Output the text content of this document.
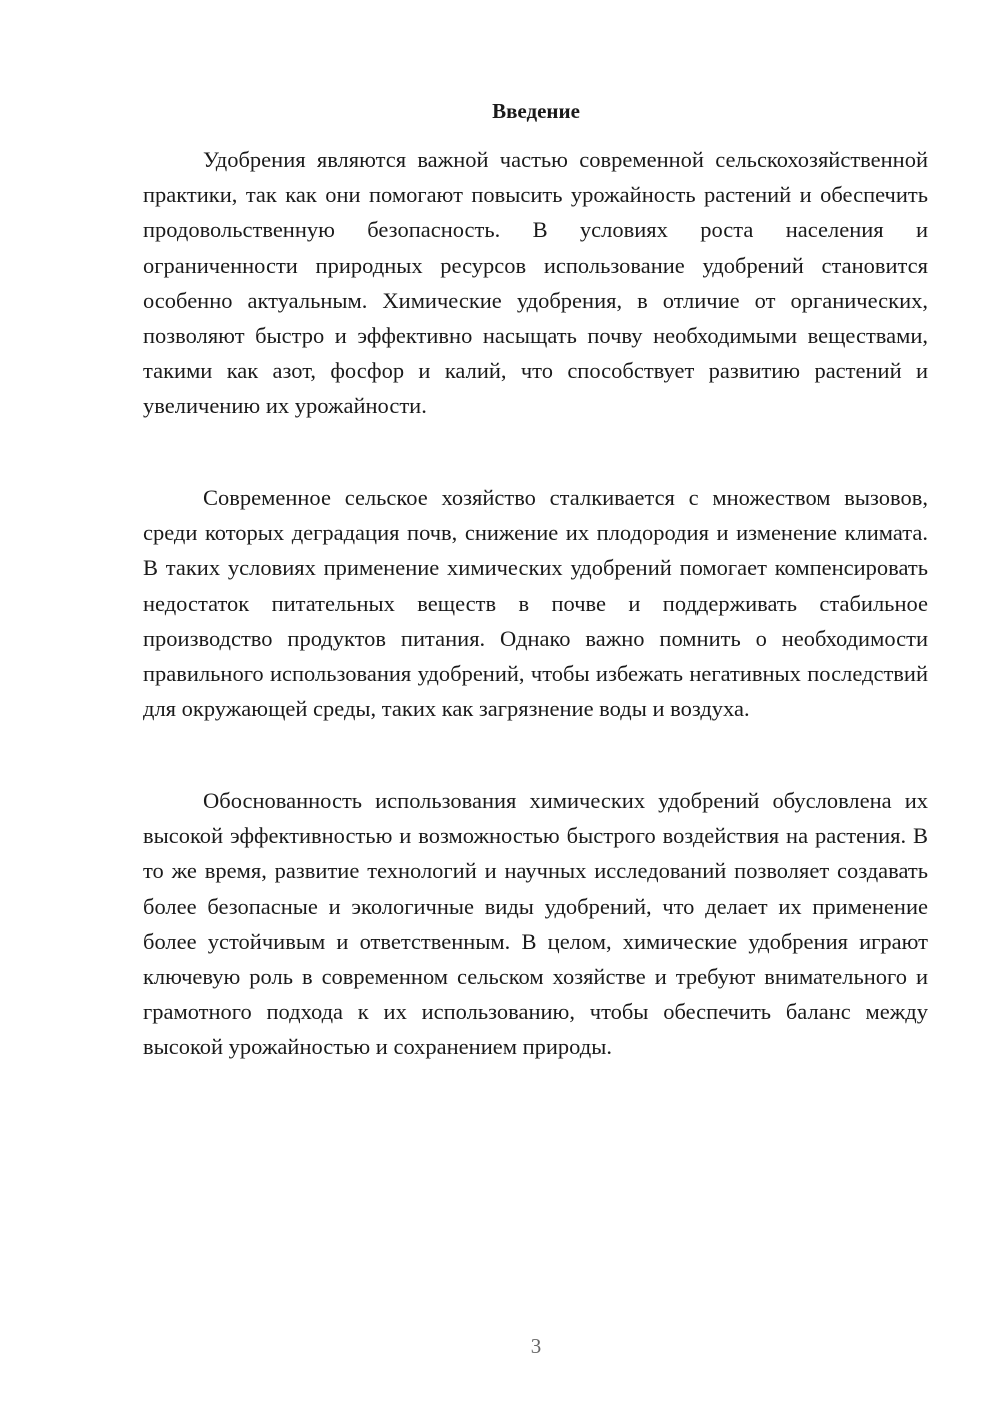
Введение

Удобрения являются важной частью современной сельскохозяйственной практики, так как они помогают повысить урожайность растений и обеспечить продовольственную безопасность. В условиях роста населения и ограниченности природных ресурсов использование удобрений становится особенно актуальным. Химические удобрения, в отличие от органических, позволяют быстро и эффективно насыщать почву необходимыми веществами, такими как азот, фосфор и калий, что способствует развитию растений и увеличению их урожайности.

Современное сельское хозяйство сталкивается с множеством вызовов, среди которых деградация почв, снижение их плодородия и изменение климата. В таких условиях применение химических удобрений помогает компенсировать недостаток питательных веществ в почве и поддерживать стабильное производство продуктов питания. Однако важно помнить о необходимости правильного использования удобрений, чтобы избежать негативных последствий для окружающей среды, таких как загрязнение воды и воздуха.

Обоснованность использования химических удобрений обусловлена их высокой эффективностью и возможностью быстрого воздействия на растения. В то же время, развитие технологий и научных исследований позволяет создавать более безопасные и экологичные виды удобрений, что делает их применение более устойчивым и ответственным. В целом, химические удобрения играют ключевую роль в современном сельском хозяйстве и требуют внимательного и грамотного подхода к их использованию, чтобы обеспечить баланс между высокой урожайностью и сохранением природы.

3
